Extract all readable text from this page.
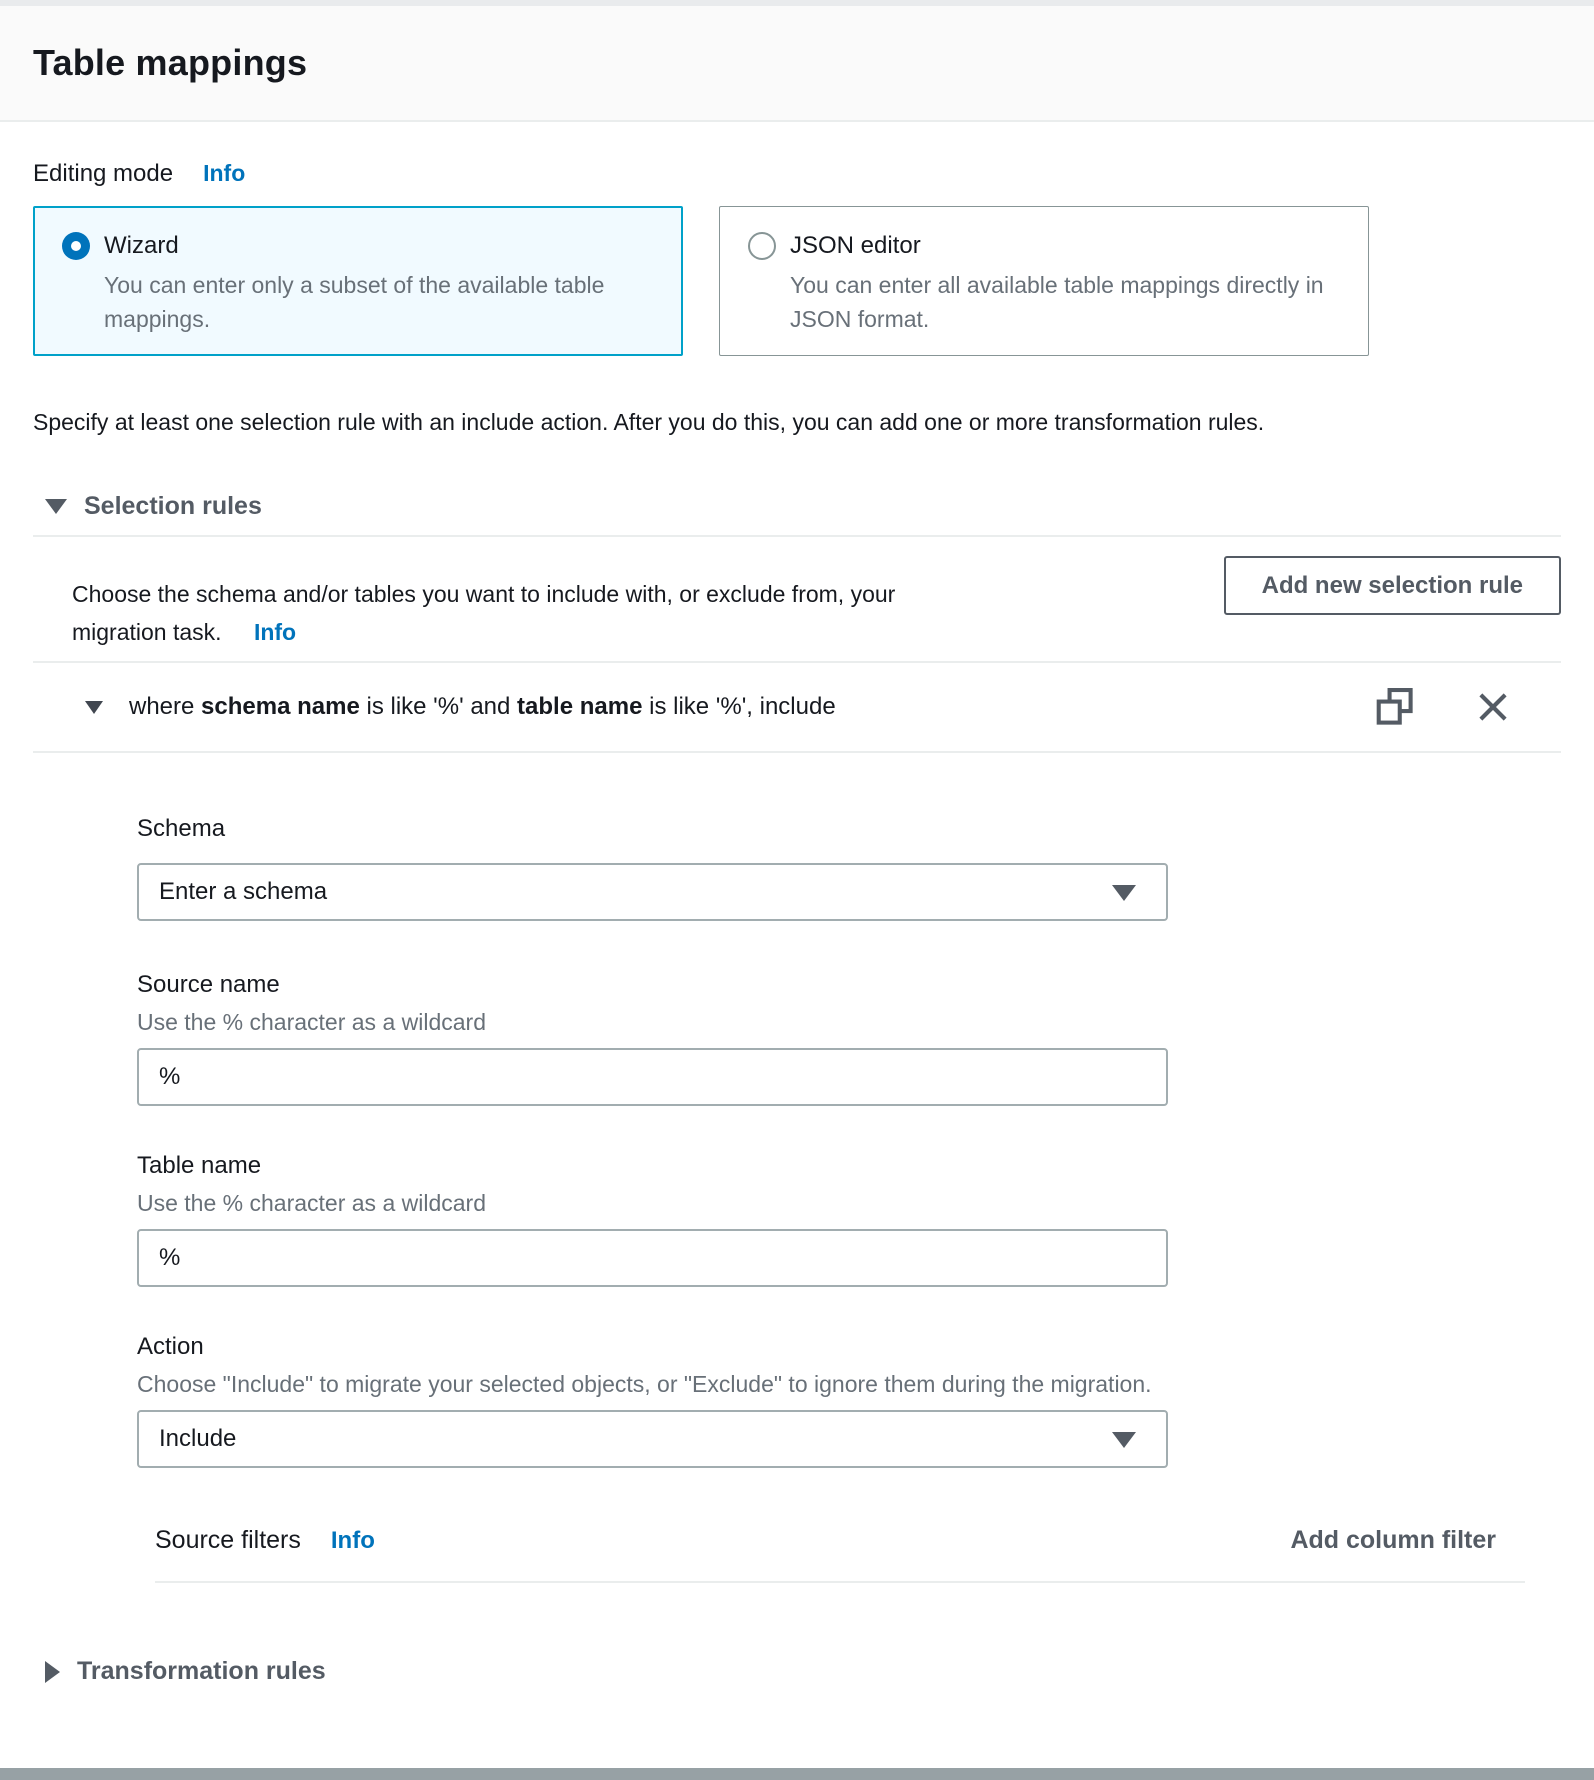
Table mappings
Editing mode Info
Wizard
You can enter only a subset of the available table mappings.
JSON editor
You can enter all available table mappings directly in JSON format.

Specify at least one selection rule with an include action. After you do this, you can add one or more transformation rules.

Selection rules
Choose the schema and/or tables you want to include with, or exclude from, your
migration task. Info
Add new selection rule
where schema name is like '%' and table name is like '%', include
Schema
Enter a schema
Source name
Use the % character as a wildcard
%
Table name
Use the % character as a wildcard
%
Action
Choose "Include" to migrate your selected objects, or "Exclude" to ignore them during the migration.
Include
Source filters Info	Add column filter
Transformation rules
